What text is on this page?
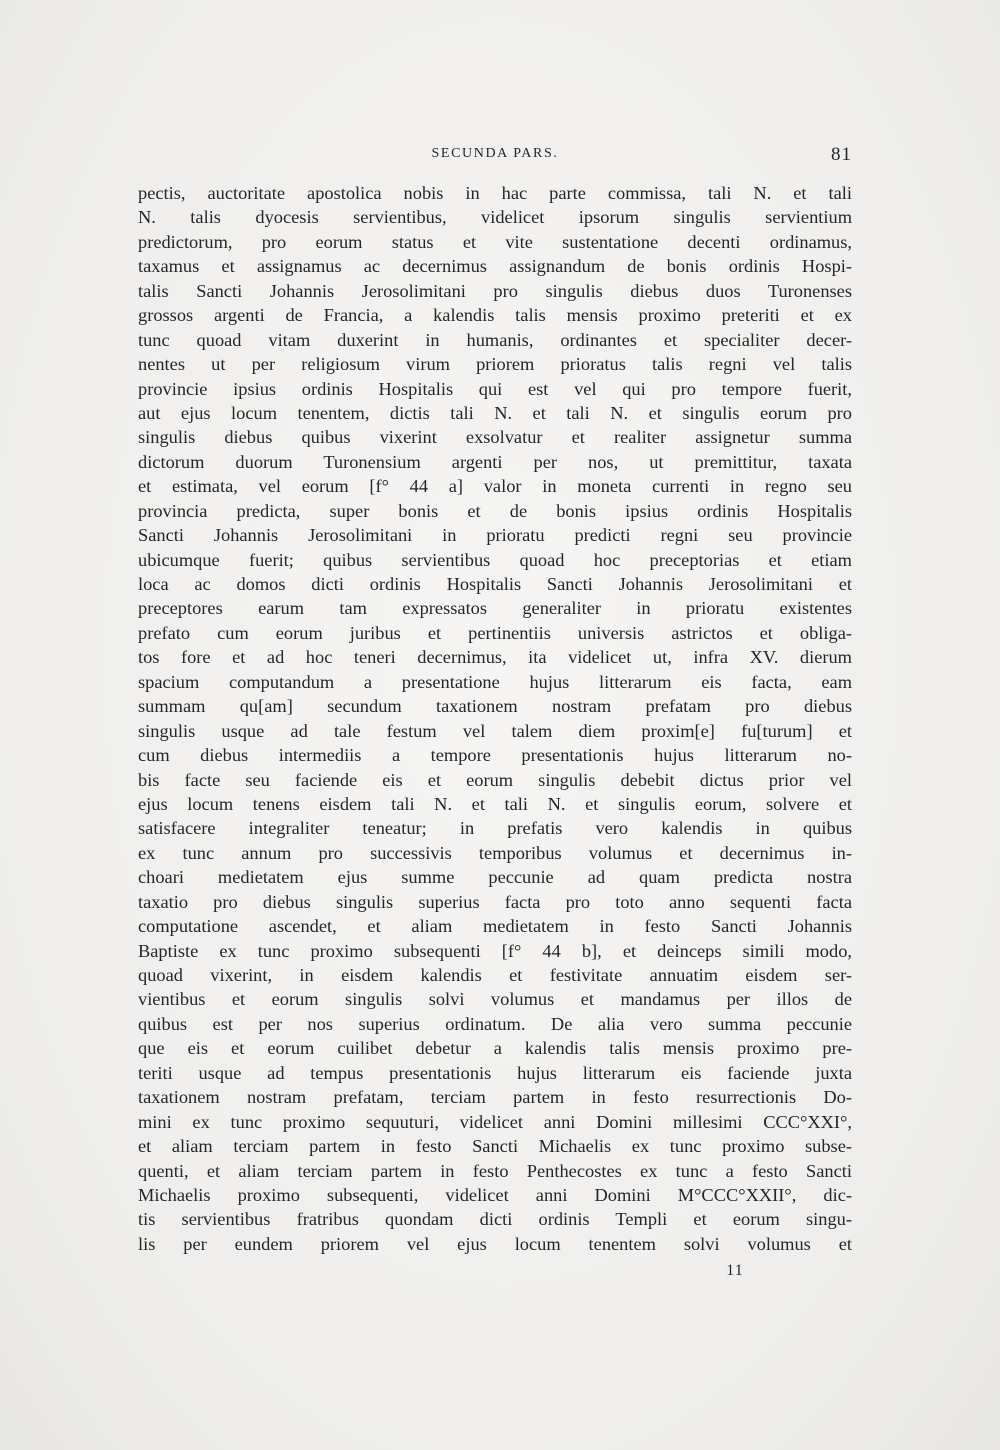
SECUNDA PARS.	81
pectis, auctoritate apostolica nobis in hac parte commissa, tali N. et tali
N. talis dyocesis servientibus, videlicet ipsorum singulis servientium
predictorum, pro eorum status et vite sustentatione decenti ordinamus,
taxamus et assignamus ac decernimus assignandum de bonis ordinis Hospi-
talis Sancti Johannis Jerosolimitani pro singulis diebus duos Turonenses
grossos argenti de Francia, a kalendis talis mensis proximo preteriti et ex
tunc quoad vitam duxerint in humanis, ordinantes et specialiter decer-
nentes ut per religiosum virum priorem prioratus talis regni vel talis
provincie ipsius ordinis Hospitalis qui est vel qui pro tempore fuerit,
aut ejus locum tenentem, dictis tali N. et tali N. et singulis eorum pro
singulis diebus quibus vixerint exsolvatur et realiter assignetur summa
dictorum duorum Turonensium argenti per nos, ut premittitur, taxata
et estimata, vel eorum [f° 44 a] valor in moneta currenti in regno seu
provincia predicta, super bonis et de bonis ipsius ordinis Hospitalis
Sancti Johannis Jerosolimitani in prioratu predicti regni seu provincie
ubicumque fuerit; quibus servientibus quoad hoc preceptorias et etiam
loca ac domos dicti ordinis Hospitalis Sancti Johannis Jerosolimitani et
preceptores earum tam expressatos generaliter in prioratu existentes
prefato cum eorum juribus et pertinentiis universis astrictos et obliga-
tos fore et ad hoc teneri decernimus, ita videlicet ut, infra XV. dierum
spacium computandum a presentatione hujus litterarum eis facta, eam
summam qu[am] secundum taxationem nostram prefatam pro diebus
singulis usque ad tale festum vel talem diem proxim[e] fu[turum] et
cum diebus intermediis a tempore presentationis hujus litterarum no-
bis facte seu faciende eis et eorum singulis debebit dictus prior vel
ejus locum tenens eisdem tali N. et tali N. et singulis eorum, solvere et
satisfacere integraliter teneatur; in prefatis vero kalendis in quibus
ex tunc annum pro successivis temporibus volumus et decernimus in-
choari medietatem ejus summe peccunie ad quam predicta nostra
taxatio pro diebus singulis superius facta pro toto anno sequenti facta
computatione ascendet, et aliam medietatem in festo Sancti Johannis
Baptiste ex tunc proximo subsequenti [f° 44 b], et deinceps simili modo,
quoad vixerint, in eisdem kalendis et festivitate annuatim eisdem ser-
vientibus et eorum singulis solvi volumus et mandamus per illos de
quibus est per nos superius ordinatum. De alia vero summa peccunie
que eis et eorum cuilibet debetur a kalendis talis mensis proximo pre-
teriti usque ad tempus presentationis hujus litterarum eis faciende juxta
taxationem nostram prefatam, terciam partem in festo resurrectionis Do-
mini ex tunc proximo sequuturi, videlicet anni Domini millesimi CCC°XXI°,
et aliam terciam partem in festo Sancti Michaelis ex tunc proximo subse-
quenti, et aliam terciam partem in festo Penthecostes ex tunc a festo Sancti
Michaelis proximo subsequenti, videlicet anni Domini M°CCC°XXII°, dic-
tis servientibus fratribus quondam dicti ordinis Templi et eorum singu-
lis per eundem priorem vel ejus locum tenentem solvi volumus et
11
